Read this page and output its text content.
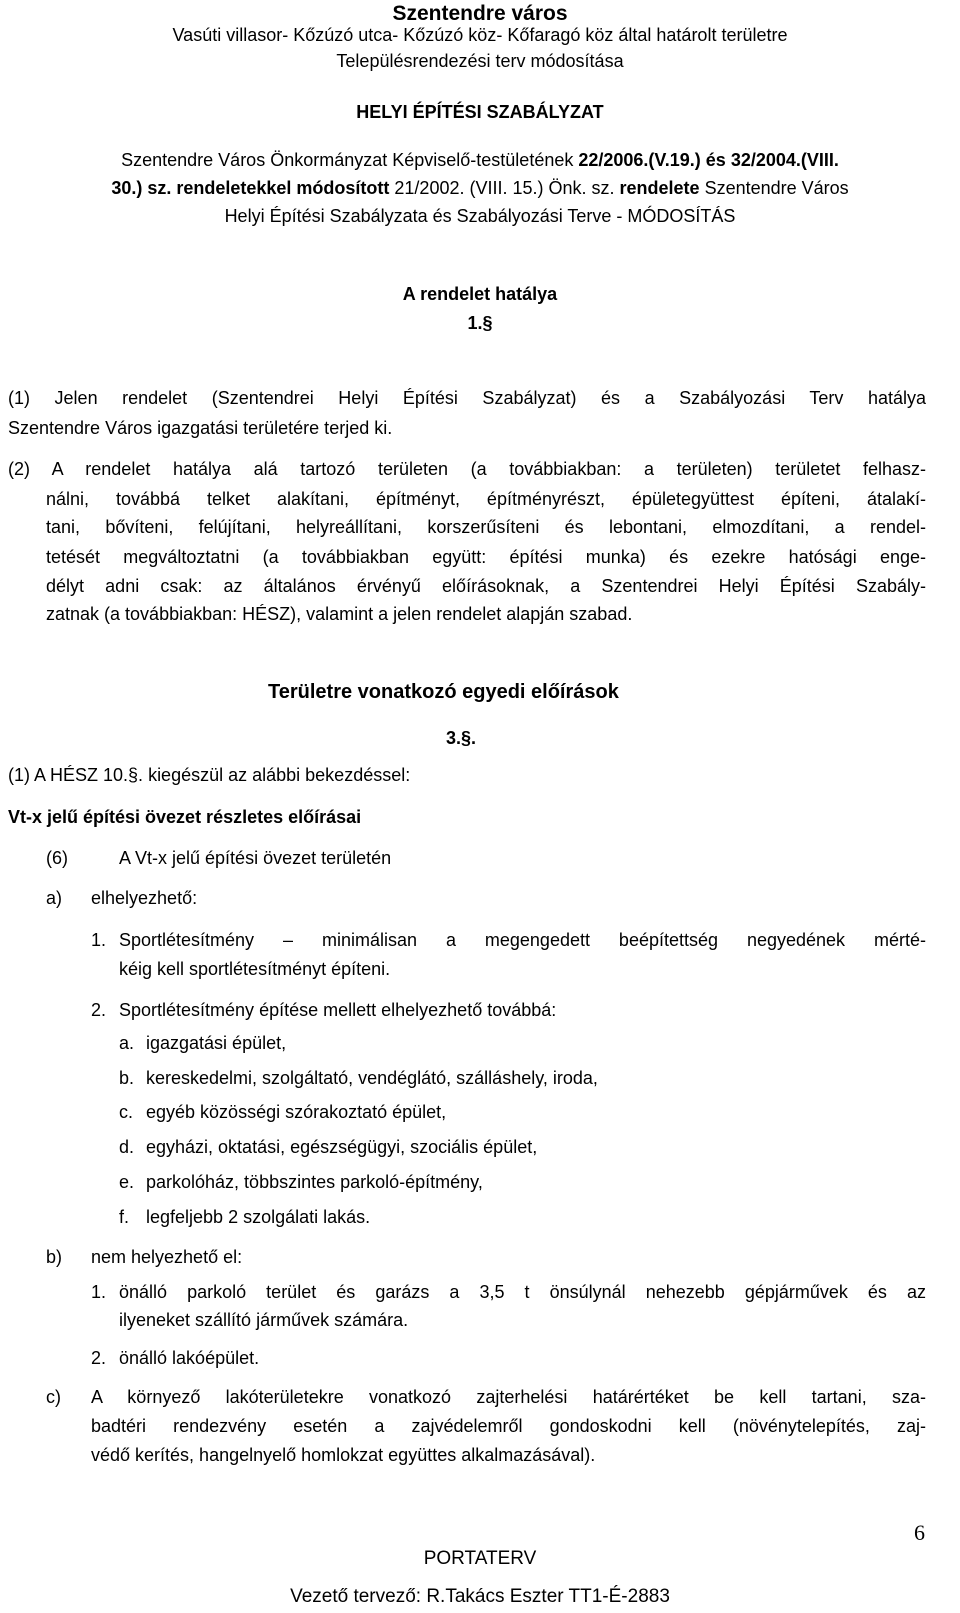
Szentendre város
Vasúti villasor- Kőzúzó utca- Kőzúzó köz- Kőfaragó köz által határolt területre
Településrendezési terv módosítása
HELYI ÉPÍTÉSI SZABÁLYZAT
Szentendre Város Önkormányzat Képviselő-testületének 22/2006.(V.19.) és 32/2004.(VIII.
30.) sz. rendeletekkel módosított 21/2002. (VIII. 15.) Önk. sz. rendelete Szentendre Város
Helyi Építési Szabályzata és Szabályozási Terve - MÓDOSÍTÁS
A rendelet hatálya
1.§
(1) Jelen rendelet (Szentendrei Helyi Építési Szabályzat) és a Szabályozási Terv hatálya
Szentendre Város igazgatási területére terjed ki.
(2) A rendelet hatálya alá tartozó területen (a továbbiakban: a területen) területet felhasz-
nálni, továbbá telket alakítani, építményt, építményrészt, épületegyüttest építeni, átalakí-
tani, bővíteni, felújítani, helyreállítani, korszerűsíteni és lebontani, elmozdítani, a rendel-
tetését megváltoztatni (a továbbiakban együtt: építési munka) és ezekre hatósági enge-
délyt adni csak: az általános érvényű előírásoknak, a Szentendrei Helyi Építési Szabály-
zatnak (a továbbiakban: HÉSZ), valamint a jelen rendelet alapján szabad.
Területre vonatkozó egyedi előírások
3.§.
(1) A HÉSZ 10.§. kiegészül az alábbi bekezdéssel:
Vt-x jelű építési övezet részletes előírásai
(6)	A Vt-x jelű építési övezet területén
a) elhelyezhető:
1. Sportlétesítmény – minimálisan a megengedett beépítettség negyedének mérté-
kéig kell sportlétesítményt építeni.
2. Sportlétesítmény építése mellett elhelyezhető továbbá:
a. igazgatási épület,
b. kereskedelmi, szolgáltató, vendéglátó, szálláshely, iroda,
c. egyéb közösségi szórakoztató épület,
d. egyházi, oktatási, egészségügyi, szociális épület,
e. parkolóház, többszintes parkoló-építmény,
f. legfeljebb 2 szolgálati lakás.
b) nem helyezhető el:
1. önálló parkoló terület és garázs a 3,5 t önsúlynál nehezebb gépjárművek és az
ilyeneket szállító járművek számára.
2. önálló lakóépület.
c) A környező lakóterületekre vonatkozó zajterhelési határértéket be kell tartani, sza-
badtéri rendezvény esetén a zajvédelemről gondoskodni kell (növénytelepítés, zaj-
védő kerítés, hangelnyelő homlokzat együttes alkalmazásával).
6
PORTATERV
Vezető tervező: R.Takács Eszter TT1-É-2883
